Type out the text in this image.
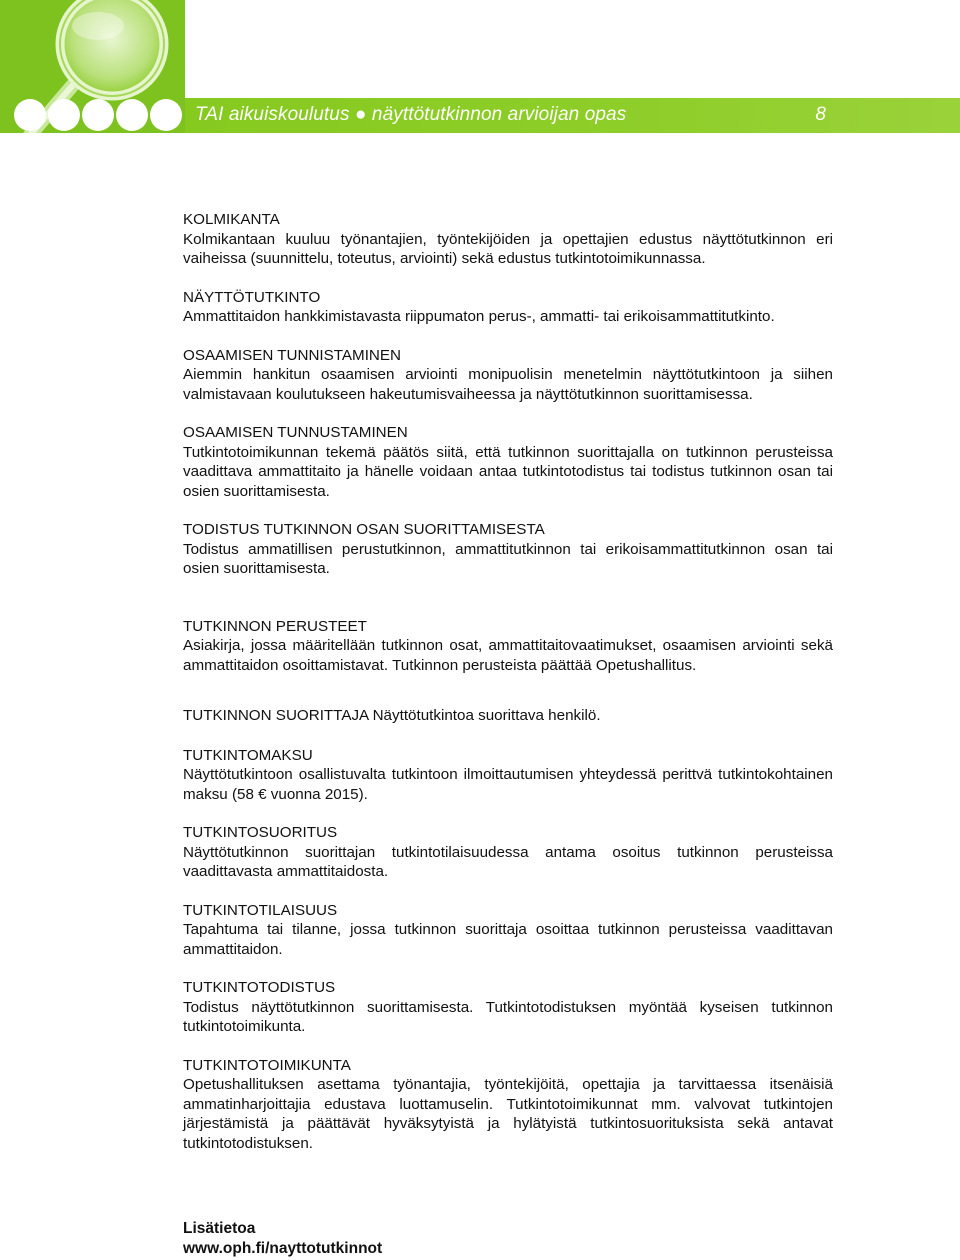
TAI aikuiskoulutus ● näyttötutkinnon arvioijan opas	8
KOLMIKANTA
Kolmikantaan kuuluu työnantajien, työntekijöiden ja opettajien edustus näyttötutkinnon eri vaiheissa (suunnittelu, toteutus, arviointi) sekä edustus tutkintotoimikunnassa.
NÄYTTÖTUTKINTO
Ammattitaidon hankkimistavasta riippumaton perus-, ammatti- tai erikoisammattitutkinto.
OSAAMISEN TUNNISTAMINEN
Aiemmin hankitun osaamisen arviointi monipuolisin menetelmin näyttötutkintoon ja siihen valmistavaan koulutukseen hakeutumisvaiheessa ja näyttötutkinnon suorittamisessa.
OSAAMISEN TUNNUSTAMINEN
Tutkintotoimikunnan tekemä päätös siitä, että tutkinnon suorittajalla on tutkinnon perusteissa vaadittava ammattitaito ja hänelle voidaan antaa tutkintotodistus tai todistus tutkinnon osan tai osien suorittamisesta.
TODISTUS TUTKINNON OSAN SUORITTAMISESTA
Todistus ammatillisen perustutkinnon, ammattitutkinnon tai erikoisammattitutkinnon osan tai osien suorittamisesta.
TUTKINNON PERUSTEET
Asiakirja, jossa määritellään tutkinnon osat, ammattitaitovaatimukset, osaamisen arviointi sekä ammattitaidon osoittamistavat. Tutkinnon perusteista päättää Opetushallitus.
TUTKINNON SUORITTAJA Näyttötutkintoa suorittava henkilö.
TUTKINTOMAKSU
Näyttötutkintoon osallistuvalta tutkintoon ilmoittautumisen yhteydessä perittvä tutkintokohtainen maksu (58 € vuonna 2015).
TUTKINTOSUORITUS
Näyttötutkinnon suorittajan tutkintotilaisuudessa antama osoitus tutkinnon perusteissa vaadittavasta ammattitaidosta.
TUTKINTOTILAISUUS
Tapahtuma tai tilanne, jossa tutkinnon suorittaja osoittaa tutkinnon perusteissa vaadittavan ammattitaidon.
TUTKINTOTODISTUS
Todistus näyttötutkinnon suorittamisesta. Tutkintotodistuksen myöntää kyseisen tutkinnon tutkintotoimikunta.
TUTKINTOTOIMIKUNTA
Opetushallituksen asettama työnantajia, työntekijöitä, opettajia ja tarvittaessa itsenäisiä ammatinharjoittajia edustava luottamuselin. Tutkintotoimikunnat mm. valvovat tutkintojen järjestämistä ja päättävät hyväksytyistä ja hylätyistä tutkintosuorituksista sekä antavat tutkintotodistuksen.
Lisätietoa
www.oph.fi/nayttotutkinnot
